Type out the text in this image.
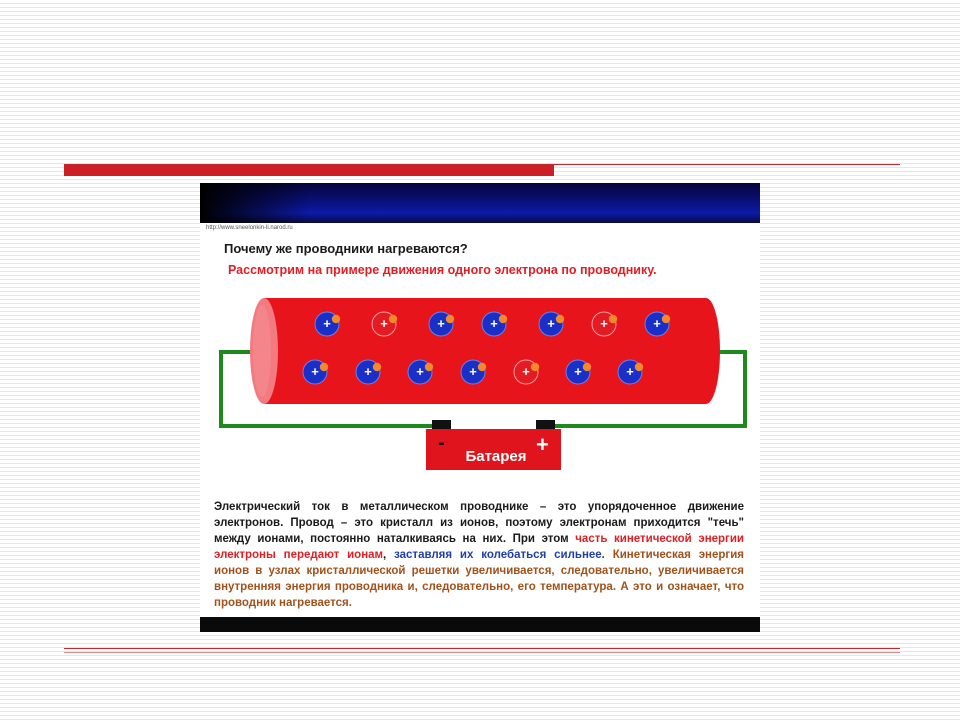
http://www.sneelonkin-li.narod.ru
Почему же проводники нагреваются?
Рассмотрим на примере движения одного электрона по проводнику.
+	+	+	+	+	+	+
+	+	+	+	+	+	+
-	+
Батарея
Электрический ток в металлическом проводнике – это упорядоченное движение электронов. Провод – это кристалл из ионов, поэтому электронам приходится "течь" между ионами, постоянно наталкиваясь на них. При этом часть кинетической энергии электроны передают ионам, заставляя их колебаться сильнее. Кинетическая энергия ионов в узлах кристаллической решетки увеличивается, следовательно, увеличивается внутренняя энергия проводника и, следовательно, его температура. А это и означает, что проводник нагревается.
